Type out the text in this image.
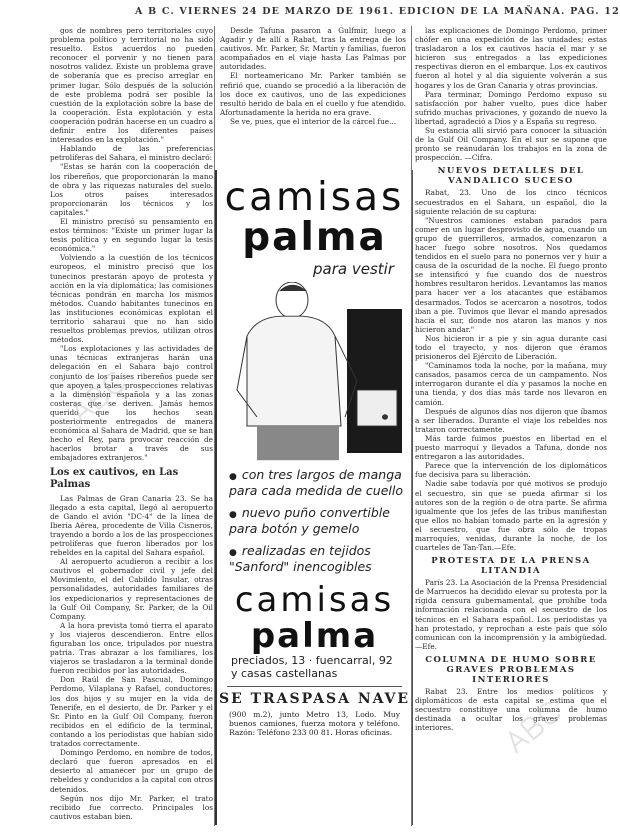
A B C. VIERNES 24 DE MARZO DE 1961. EDICION DE LA MAÑANA. PAG. 12

gos de nombres pero territoriales cuyo problema político y territorial no ha sido resuelto. Estos acuerdos no pueden reconocer el porvenir y no tienen para nosotros validez. Existe un problema grave de soberanía que es preciso arreglar en primer lugar. Sólo después de la solución de este problema podrá ser posible la cuestión de la explotación sobre la base de la cooperación. Esta explotación y esta cooperación podrán hacerse en un cuadro a definir entre los diferentes países interesados en la explotación."

Hablando de las preferencias petrolíferas del Sahara, el ministro declaró:

"Estas se harán con la cooperación de los ribereños, que proporcionarán la mano de obra y las riquezas naturales del suelo. Los otros países interesados proporcionarán los técnicos y los capitales."

El ministro precisó su pensamiento en estos términos: "Existe un primer lugar la tesis política y en segundo lugar la tesis económica."

Volviendo a la cuestión de los técnicos europeos, el ministro precisó que los tunecinos prestarán apoyo de protesta y acción en la vía diplomática; las comisiones técnicas pondrán en marcha los mismos métodos. Cuando habitantes tunecinos en las instituciones económicas explotan el territorio saharaui que no han sido resueltos problemas previos, utilizan otros métodos.

"Los explotaciones y las actividades de unas técnicas extranjeras harán una delegación en el Sahara bajo control conjunto de los países ribereños puede ser que apoyen a tales prospecciones relativas a la dimensión española y a las zonas costeras que se deriven. Jamás hemos querido que los hechos sean posteriormente entregados de manera económica al Sahara de Madrid, que se han hecho el Rey, para provocar reacción de hacerlos brotar a través de sus embajadores extranjeros."

Los ex cautivos, en Las Palmas

Las Palmas de Gran Canaria 23. Se ha llegado a esta capital, llegó al aeropuerto de Gando el avión "DC-4" de la línea de Iberia Aérea, procedente de Villa Cisneros, trayendo a bordo a los de las prospecciones petrolíferas que fueron liberados por los rebeldes en la capital del Sahara español.

Al aeropuerto acudieron a recibir a los cautivos el gobernador civil y jefe del Movimiento, el del Cabildo Insular, otras personalidades, autoridades familiares de los expedicionarios y representaciones de la Gulf Oil Company, Sr. Parker, de la Oil Company.

A la hora prevista tomó tierra el aparato y los viajeros descendieron. Entre ellos figuraban los once, tripulados por nuestra patria. Tras abrazar a los familiares, los viajeros se trasladaron a la terminal donde fueron recibidos por las autoridades.

Don Raúl de San Pascual, Domingo Perdomo, Vilaplana y Rafael, conductores; los dos hijos y su mujer en la vida de Tenerife, en el desierto, de Dr. Parker y el Sr. Pinto en la Gulf Oil Company, fueron recibidos en el edificio de la terminal, contando a los periodistas que habían sido tratados correctamente.

Domingo Perdomo, en nombre de todos, declaró que fueron apresados en el desierto al amanecer por un grupo de rebeldes y conducidos a la capital con otros detenidos.

Según nos dijo Mr. Parker, el trato recibido fue correcto. Principales los cautivos estaban bien.

Desde Tafuna pasaron a Gulfmir, luego a Agadir y de allí a Rabat, tras la entrega de los cautivos. Mr. Parker, Sr. Martín y familias, fueron acompañados en el viaje hasta Las Palmas por autoridades.

El norteamericano Mr. Parker también se refirió que, cuando se procedió a la liberación de los doce ex cautivos, uno de las expediciones resultó herido de bala en el cuello y fue atendido. Afortunadamente la herida no era grave.

Se ve, pues, que el interior de la cárcel fue...

camisas
palma
para vestir
● con tres largos de manga para cada medida de cuello
● nuevo puño convertible para botón y gemelo
● realizadas en tejidos "Sanford" inencogibles
camisas
palma
preciados, 13 · fuencarral, 92
y casas castellanas
SE TRASPASA NAVE
(900 m.2), junto Metro 13, Lodo. Muy buenos camiones, fuerza motora y teléfono. Razón: Teléfono 233 00 81. Horas oficinas.

las explicaciones de Domingo Perdomo, primer chófer en una expedición de las unidades; estas trasladaron a los ex cautivos hacia el mar y se hicieron sus entregados a las expediciones respectivas dieron en el embarque. Los ex cautivos fueron al hotel y al día siguiente volverán a sus hogares y los de Gran Canaria y otras provincias.

Para terminar, Domingo Perdomo expuso su satisfacción por haber vuelto, pues dice haber sufrido muchas privaciones, y gozando de nuevo la libertad, agradeció a Dios y a España su regreso.

Su estancia allí sirvió para conocer la situación de la Gulf Oil Company. En el sur se supone que pronto se reanudarán los trabajos en la zona de prospección. —Cifra.

NUEVOS DETALLES DEL VANDALICO SUCESO

Rabat, 23. Uno de los cinco técnicos secuestrados en el Sahara, un español, dio la siguiente relación de su captura:

"Nuestros camiones estaban parados para comer en un lugar desprovisto de agua, cuando un grupo de guerrilleros, armados, comenzaron a hacer fuego sobre nosotros. Nos quedamos tendidos en el suelo para no ponernos ver y huir a causa de la oscuridad de la noche. El fuego pronto se intensificó y fue cuando dos de nuestros hombres resultaron heridos. Levantamos las manos para hacer ver a los atacantes que estábamos desarmados. Todos se acercaron a nosotros, todos iban a pie. Tuvimos que llevar el mando apresados hacia el sur, donde nos ataron las manos y nos hicieron andar."

Nos hicieron ir a pie y sin agua durante casi todo el trayecto, y nos dijeron que éramos prisioneros del Ejército de Liberación.

"Caminamos toda la noche, por la mañana, muy cansados, pasamos cerca de un campamento. Nos interrogaron durante el día y pasamos la noche en una tienda, y dos días más tarde nos llevaron en camión.

Después de algunos días nos dijeron que íbamos a ser liberados. Durante el viaje los rebeldes nos trataron correctamente.

Más tarde fuimos puestos en libertad en el puesto marroquí y llevados a Tafuna, donde nos entregaron a las autoridades.

Parece que la intervención de los diplomáticos fue decisiva para su liberación.

Nadie sabe todavía por qué motivos se produjo el secuestro, sin que se pueda afirmar si los autores son de la región o de otra parte. Se afirma igualmente que los jefes de las tribus manifiestan que ellos no habían tomado parte en la agresión y el secuestro, que fue obra sólo de tropas marroquíes, venidas, durante la noche, de los cuarteles de Tan-Tan.—Efe.

PROTESTA DE LA PRENSA LITANDIA

París 23. La Asociación de la Prensa Presidencial de Marruecos ha decidido elevar su protesta por la rígida censura gubernamental, que prohíbe toda información relacionada con el secuestro de los técnicos en el Sahara español. Los periodistas ya han protestado, y reprochan a este país que sólo comunican con la incomprensión y la ambigüedad. —Efe.

COLUMNA DE HUMO SOBRE GRAVES PROBLEMAS INTERIORES

Rabat 23. Entre los medios políticos y diplomáticos de esta capital se estima que el secuestro constituye una columna de humo destinada a ocultar los graves problemas interiores.
